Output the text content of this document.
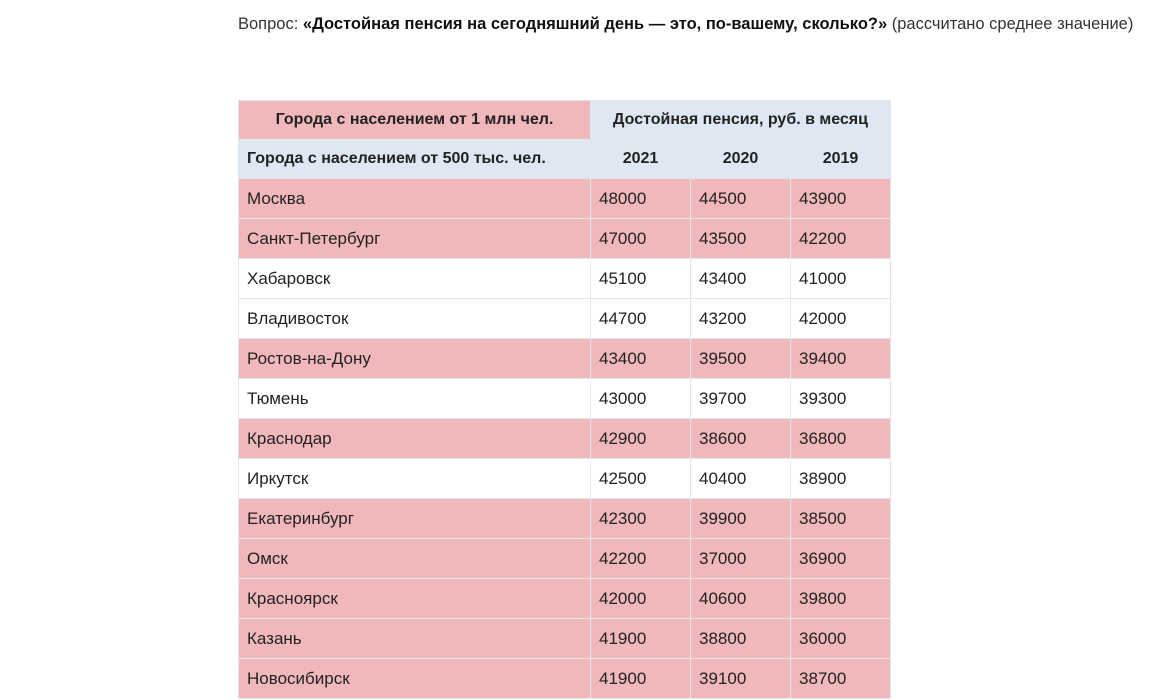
Вопрос: «Достойная пенсия на сегодняшний день — это, по-вашему, сколько?» (рассчитано среднее значение)
Города с населением от 1 млн чел.	Достойная пенсия, руб. в месяц		
Города с населением от 500 тыс. чел.	2021	2020	2019
Москва	48000	44500	43900
Санкт-Петербург	47000	43500	42200
Хабаровск	45100	43400	41000
Владивосток	44700	43200	42000
Ростов-на-Дону	43400	39500	39400
Тюмень	43000	39700	39300
Краснодар	42900	38600	36800
Иркутск	42500	40400	38900
Екатеринбург	42300	39900	38500
Омск	42200	37000	36900
Красноярск	42000	40600	39800
Казань	41900	38800	36000
Новосибирск	41900	39100	38700
